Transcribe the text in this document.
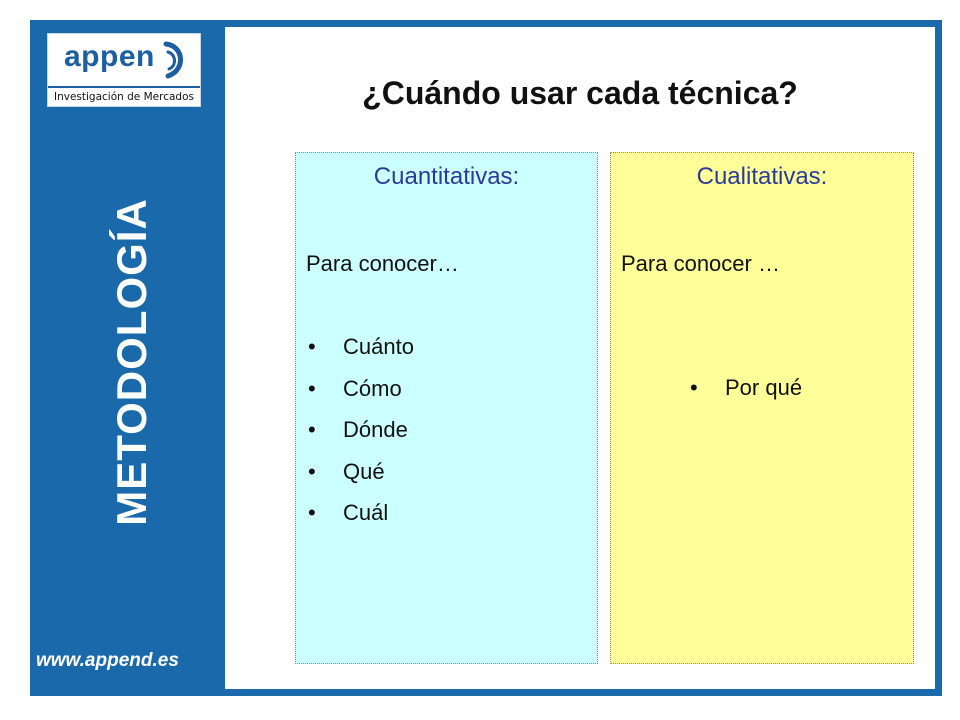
appen
Investigación de Mercados
METODOLOGÍA
www.append.es
¿Cuándo usar cada técnica?
Cuantitativas:
Para conocer…
• Cuánto
• Cómo
• Dónde
• Qué
• Cuál
Cualitativas:
Para conocer …
• Por qué
